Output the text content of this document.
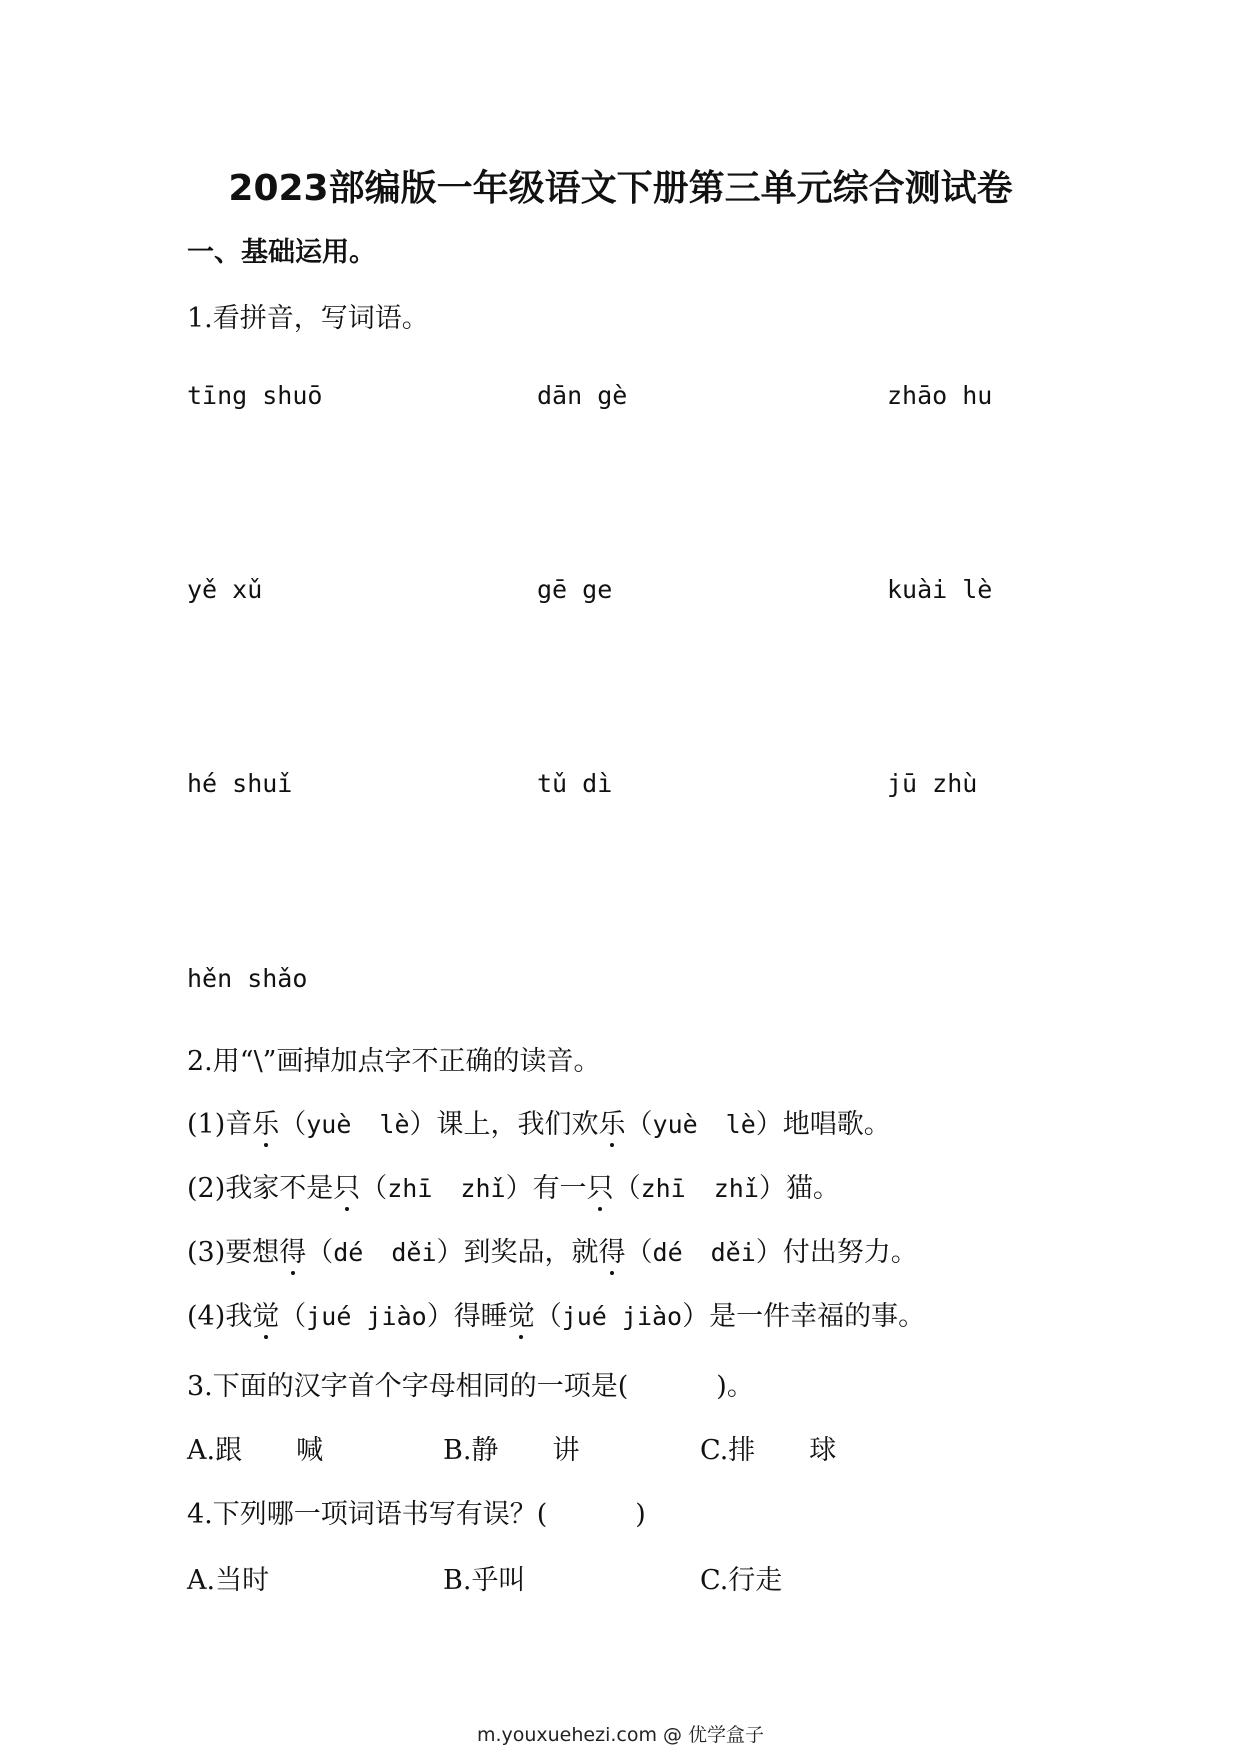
2023部编版一年级语文下册第三单元综合测试卷
一、基础运用。
1.看拼音，写词语。
tīng shuō	dān gè	zhāo hu
yě xǔ	gē ge	kuài lè
hé shuǐ	tǔ dì	jū zhù
hěn shǎo
2.用“\”画掉加点字不正确的读音。
(1)音乐（yuè lè）课上，我们欢乐（yuè lè）地唱歌。
(2)我家不是只（zhī zhǐ）有一只（zhī zhǐ）猫。
(3)要想得（dé děi）到奖品，就得（dé děi）付出努力。
(4)我觉（jué jiào）得睡觉（jué jiào）是一件幸福的事。
3.下面的汉字首个字母相同的一项是(	)。
A.跟 喊	B.静 讲	C.排 球
4.下列哪一项词语书写有误？(	)
A.当时	B.乎叫	C.行走
m.youxuehezi.com @ 优学盒子
